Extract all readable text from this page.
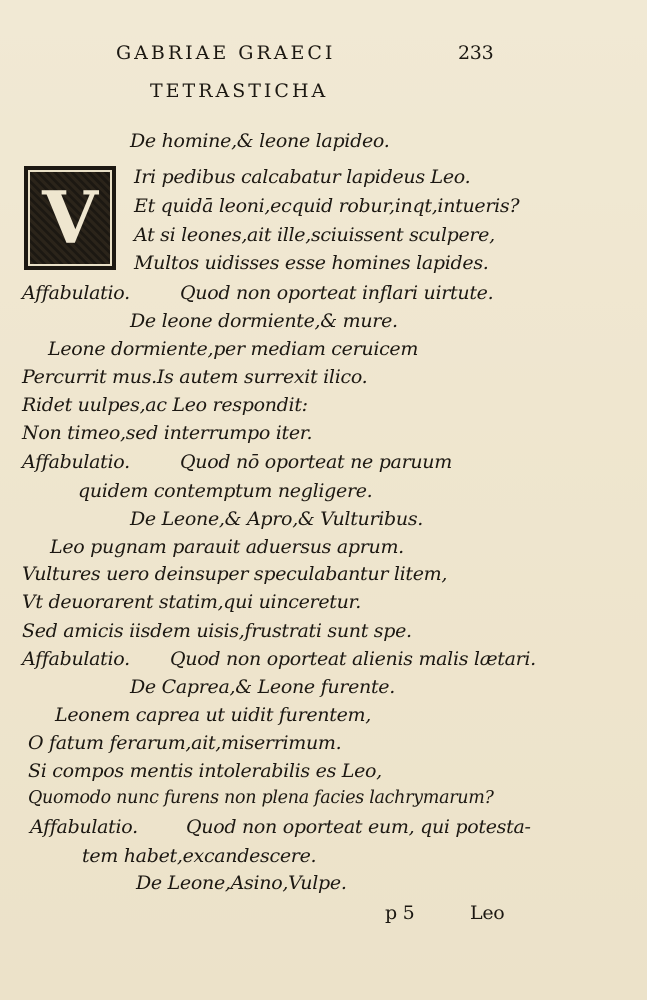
GABRIAE GRAECI	233
TETRASTICHA
V
De homine,& leone lapideo.
Iri pedibus calcabatur lapideus Leo.
Et quidā leoni,ecquid robur,inqt,intueris?
At si leones,ait ille,sciuissent sculpere,
Multos uidisses esse homines lapides.
Affabulatio.	Quod non oporteat inflari uirtute.
De leone dormiente,& mure.
Leone dormiente,per mediam ceruicem
Percurrit mus.Is autem surrexit ilico.
Ridet uulpes,ac Leo respondit:
Non timeo,sed interrumpo iter.
Affabulatio.	Quod nō oporteat ne paruum
quidem contemptum negligere.
De Leone,& Apro,& Vulturibus.
Leo pugnam parauit aduersus aprum.
Vultures uero deinsuper speculabantur litem,
Vt deuorarent statim,qui uinceretur.
Sed amicis iisdem uisis,frustrati sunt spe.
Affabulatio. Quod non oporteat alienis malis lætari.
De Caprea,& Leone furente.
Leonem caprea ut uidit furentem,
O fatum ferarum,ait,miserrimum.
Si compos mentis intolerabilis es Leo,
Quomodo nunc furens non plena facies lachrymarum?
Affabulatio.	Quod non oporteat eum, qui potesta-
tem habet,excandescere.
De Leone,Asino,Vulpe.
p 5	Leo
